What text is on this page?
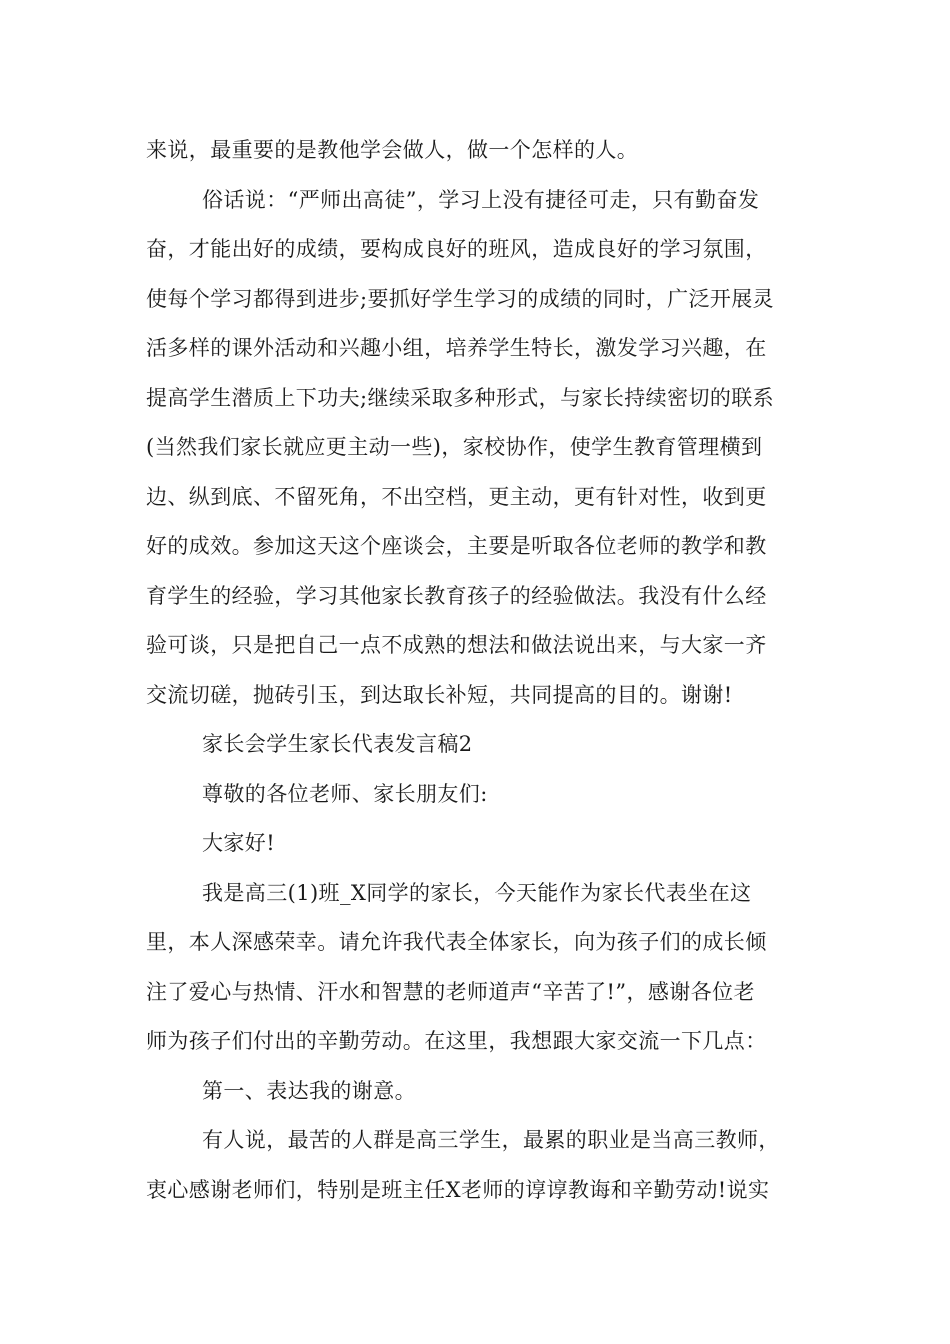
来说，最重要的是教他学会做人，做一个怎样的人。
俗话说：“严师出高徒”，学习上没有捷径可走，只有勤奋发
奋，才能出好的成绩，要构成良好的班风，造成良好的学习氛围，
使每个学习都得到进步;要抓好学生学习的成绩的同时，广泛开展灵
活多样的课外活动和兴趣小组，培养学生特长，激发学习兴趣，在
提高学生潜质上下功夫;继续采取多种形式，与家长持续密切的联系
(当然我们家长就应更主动一些)，家校协作，使学生教育管理横到
边、纵到底、不留死角，不出空档，更主动，更有针对性，收到更
好的成效。参加这天这个座谈会，主要是听取各位老师的教学和教
育学生的经验，学习其他家长教育孩子的经验做法。我没有什么经
验可谈，只是把自己一点不成熟的想法和做法说出来，与大家一齐
交流切磋，抛砖引玉，到达取长补短，共同提高的目的。谢谢!
家长会学生家长代表发言稿2
尊敬的各位老师、家长朋友们:
大家好!
我是高三(1)班_X同学的家长，今天能作为家长代表坐在这
里，本人深感荣幸。请允许我代表全体家长，向为孩子们的成长倾
注了爱心与热情、汗水和智慧的老师道声“辛苦了!”，感谢各位老
师为孩子们付出的辛勤劳动。在这里，我想跟大家交流一下几点：
第一、表达我的谢意。
有人说，最苦的人群是高三学生，最累的职业是当高三教师，
衷心感谢老师们，特别是班主任X老师的谆谆教诲和辛勤劳动!说实
